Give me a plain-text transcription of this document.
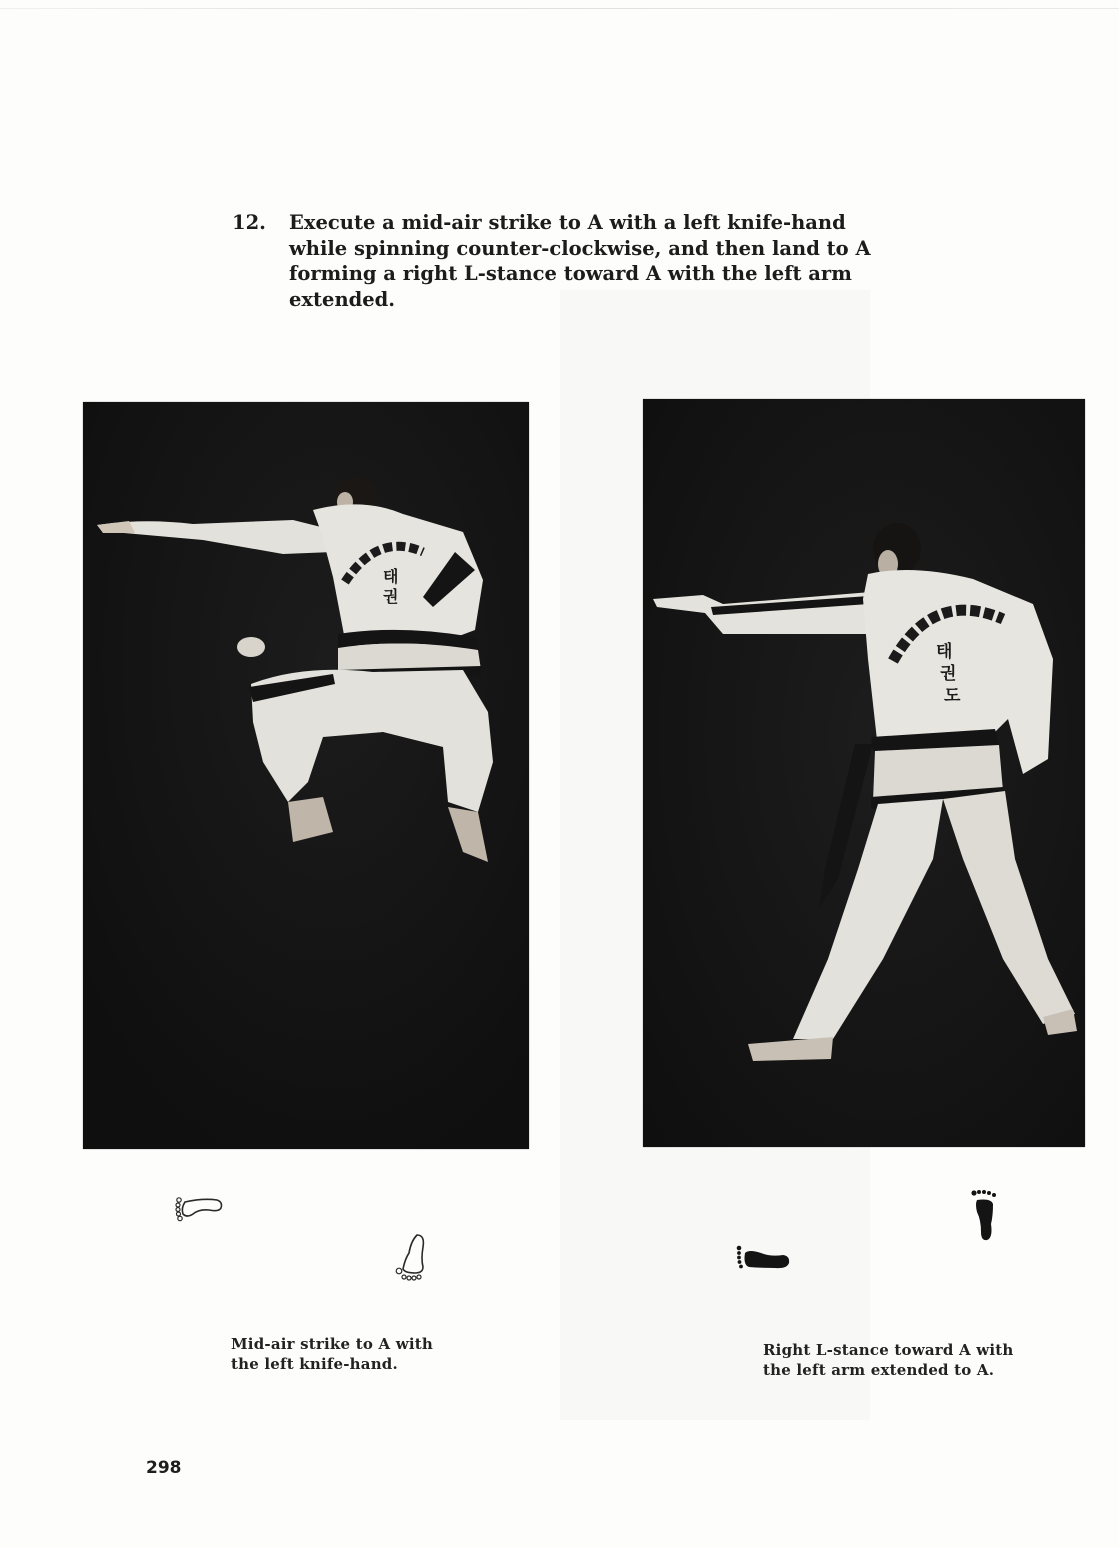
12.	Execute a mid-air strike to A with a left knife-hand while spinning counter-clockwise, and then land to A forming a right L-stance toward A with the left arm extended.
태
권
태
권
도
Mid-air strike to A with
the left knife-hand.
Right L-stance toward A with
the left arm extended to A.
298
